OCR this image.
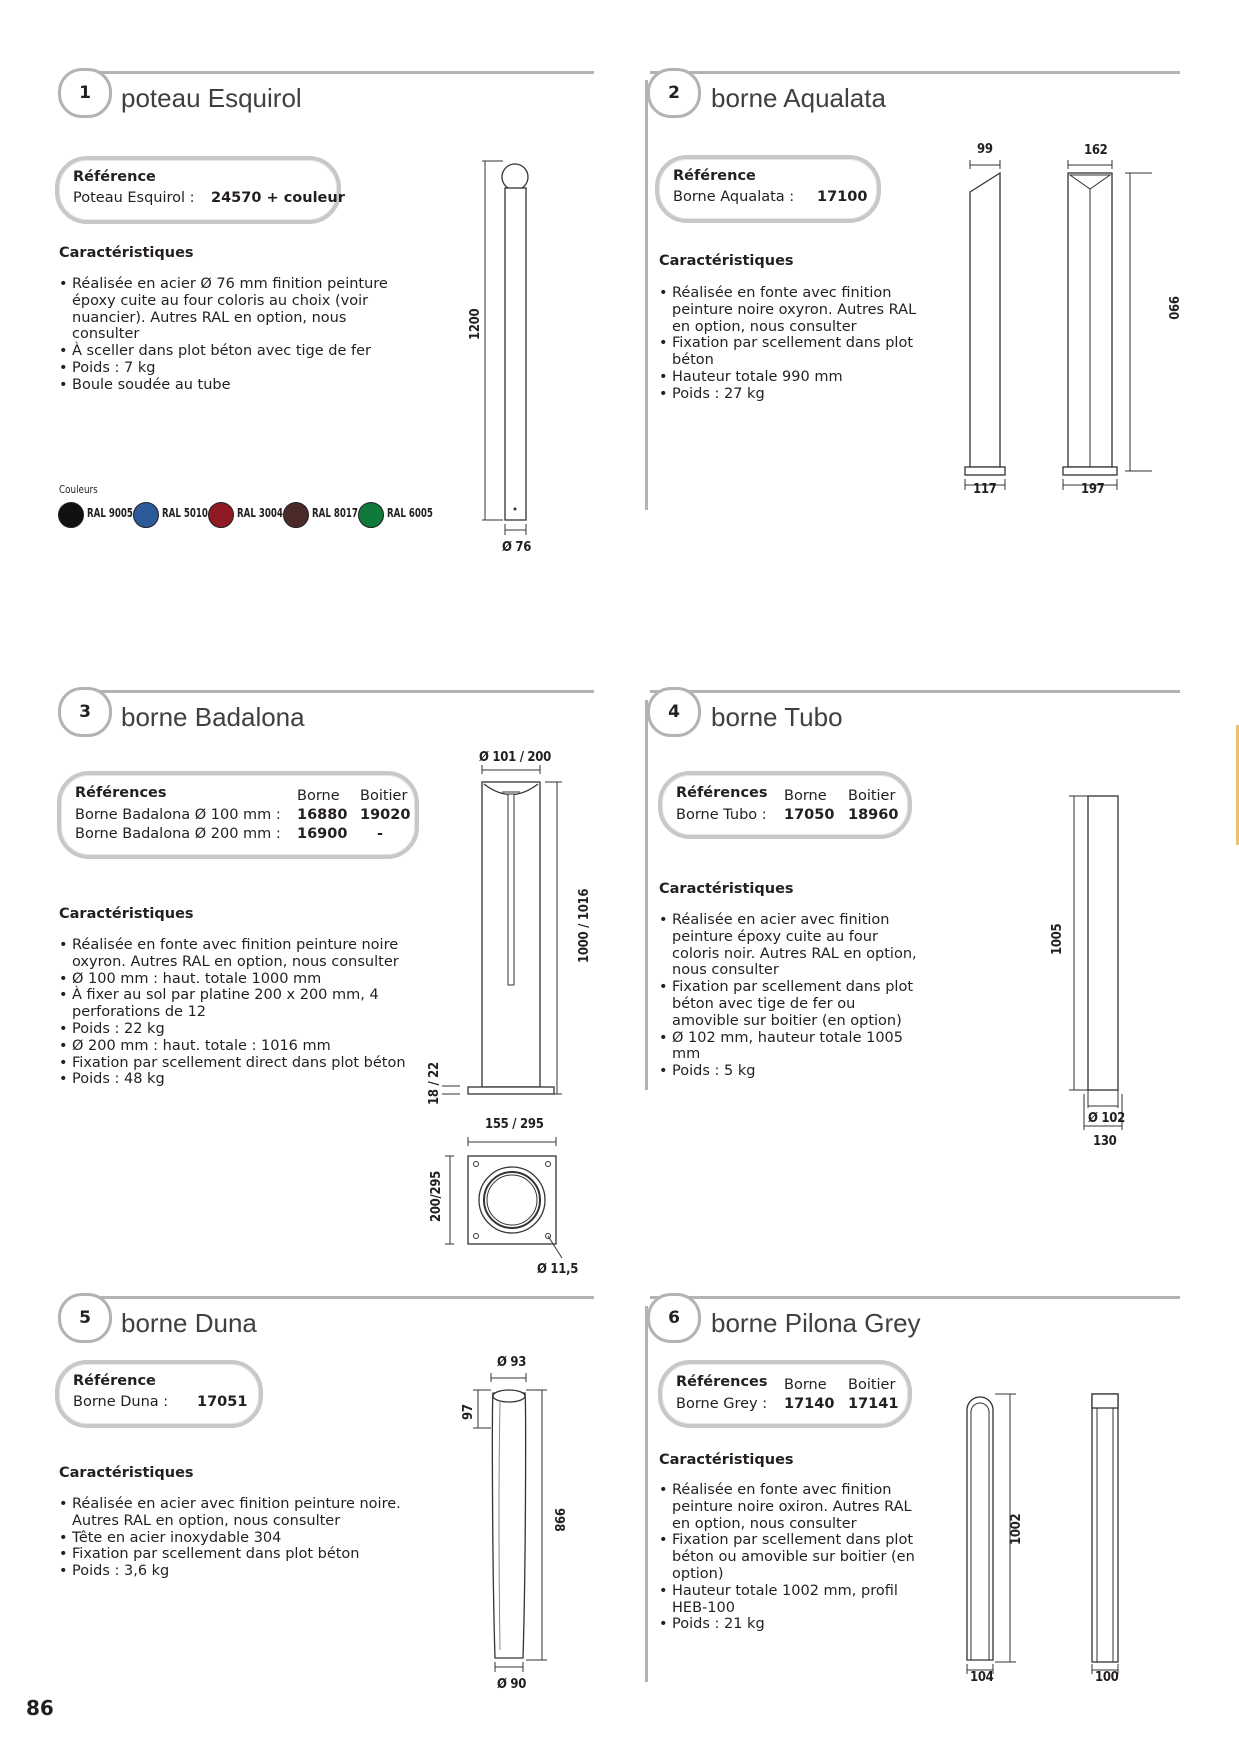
1	poteau Esquirol
Référence
Poteau Esquirol : 24570 + couleur
Caractéristiques
• Réalisée en acier Ø 76 mm finition peinture époxy cuite au four coloris au choix (voir nuancier). Autres RAL en option, nous consulter
• À sceller dans plot béton avec tige de fer
• Poids : 7 kg
• Boule soudée au tube
Couleurs
RAL 9005 RAL 5010 RAL 3004 RAL 8017 RAL 6005
1200
Ø 76
2	borne Aqualata
Référence
Borne Aqualata : 17100
Caractéristiques
• Réalisée en fonte avec finition peinture noire oxyron. Autres RAL en option, nous consulter
• Fixation par scellement dans plot béton
• Hauteur totale 990 mm
• Poids : 27 kg
99	162
990
117	197
3	borne Badalona
Références	Borne Boitier
Borne Badalona Ø 100 mm : 16880 19020
Borne Badalona Ø 200 mm : 16900 -
Caractéristiques
• Réalisée en fonte avec finition peinture noire oxyron. Autres RAL en option, nous consulter
• Ø 100 mm : haut. totale 1000 mm
• À fixer au sol par platine 200 x 200 mm, 4 perforations de 12
• Poids : 22 kg
• Ø 200 mm : haut. totale : 1016 mm
• Fixation par scellement direct dans plot béton
• Poids : 48 kg
Ø 101 / 200
1000 / 1016
18 / 22
155 / 295
200/295
Ø 11,5
4	borne Tubo
Références Borne Boitier
Borne Tubo : 17050 18960
Caractéristiques
• Réalisée en acier avec finition peinture époxy cuite au four coloris noir. Autres RAL en option, nous consulter
• Fixation par scellement dans plot béton avec tige de fer ou amovible sur boitier (en option)
• Ø 102 mm, hauteur totale 1005 mm
• Poids : 5 kg
1005
Ø 102
130
5	borne Duna
Référence
Borne Duna : 17051
Caractéristiques
• Réalisée en acier avec finition peinture noire. Autres RAL en option, nous consulter
• Tête en acier inoxydable 304
• Fixation par scellement dans plot béton
• Poids : 3,6 kg
Ø 93
97
998
Ø 90
6	borne Pilona Grey
Références Borne Boitier
Borne Grey : 17140 17141
Caractéristiques
• Réalisée en fonte avec finition peinture noire oxiron. Autres RAL en option, nous consulter
• Fixation par scellement dans plot béton ou amovible sur boitier (en option)
• Hauteur totale 1002 mm, profil HEB-100
• Poids : 21 kg
1002
104	100
86
